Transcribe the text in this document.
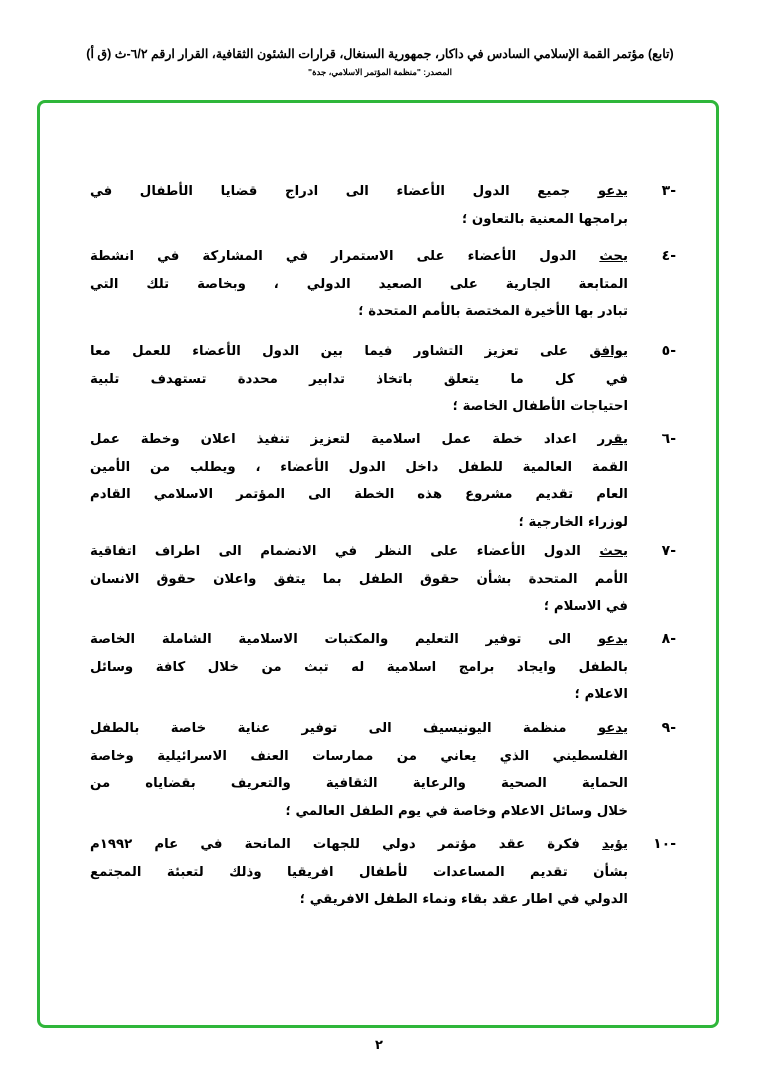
(تابع) مؤتمر القمة الإسلامي السادس في داكار، جمهورية السنغال، قرارات الشئون الثقافية، القرار ارقم ٦/٢-ث (ق أ)
المصدر: "منظمة المؤتمر الاسلامي، جدة"
-٣
يدعو جميع الدول الأعضاء الى ادراج قضايا الأطفال في
برامجها المعنية بالتعاون ؛
-٤
يحث الدول الأعضاء على الاستمرار في المشاركة في انشطة
المتابعة الجارية على الصعيد الدولي ، وبخاصة تلك التي
تبادر بها الأخيرة المختصة بالأمم المتحدة ؛
-٥
يوافق على تعزيز التشاور فيما بين الدول الأعضاء للعمل معا
في كل ما يتعلق باتخاذ تدابير محددة تستهدف تلبية
احتياجات الأطفال الخاصة ؛
-٦
يقرر اعداد خطة عمل اسلامية لتعزيز تنفيذ اعلان وخطة عمل
القمة العالمية للطفل داخل الدول الأعضاء ، ويطلب من الأمين
العام تقديم مشروع هذه الخطة الى المؤتمر الاسلامي القادم
لوزراء الخارجية ؛
-٧
يحث الدول الأعضاء على النظر في الانضمام الى اطراف اتفاقية
الأمم المتحدة بشأن حقوق الطفل بما يتفق واعلان حقوق الانسان
في الاسلام ؛
-٨
يدعو الى توفير التعليم والمكتبات الاسلامية الشاملة الخاصة
بالطفل وايجاد برامج اسلامية له تبث من خلال كافة وسائل
الاعلام ؛
-٩
يدعو منظمة اليونيسيف الى توفير عناية خاصة بالطفل
الفلسطيني الذي يعاني من ممارسات العنف الاسرائيلية وخاصة
الحماية الصحية والرعاية الثقافية والتعريف بقضاياه من
خلال وسائل الاعلام وخاصة في يوم الطفل العالمي ؛
-١٠
يؤيد فكرة عقد مؤتمر دولي للجهات المانحة في عام ١٩٩٢م
بشأن تقديم المساعدات لأطفال افريقيا وذلك لتعبئة المجتمع
الدولي في اطار عقد بقاء ونماء الطفل الافريقي ؛
٢
